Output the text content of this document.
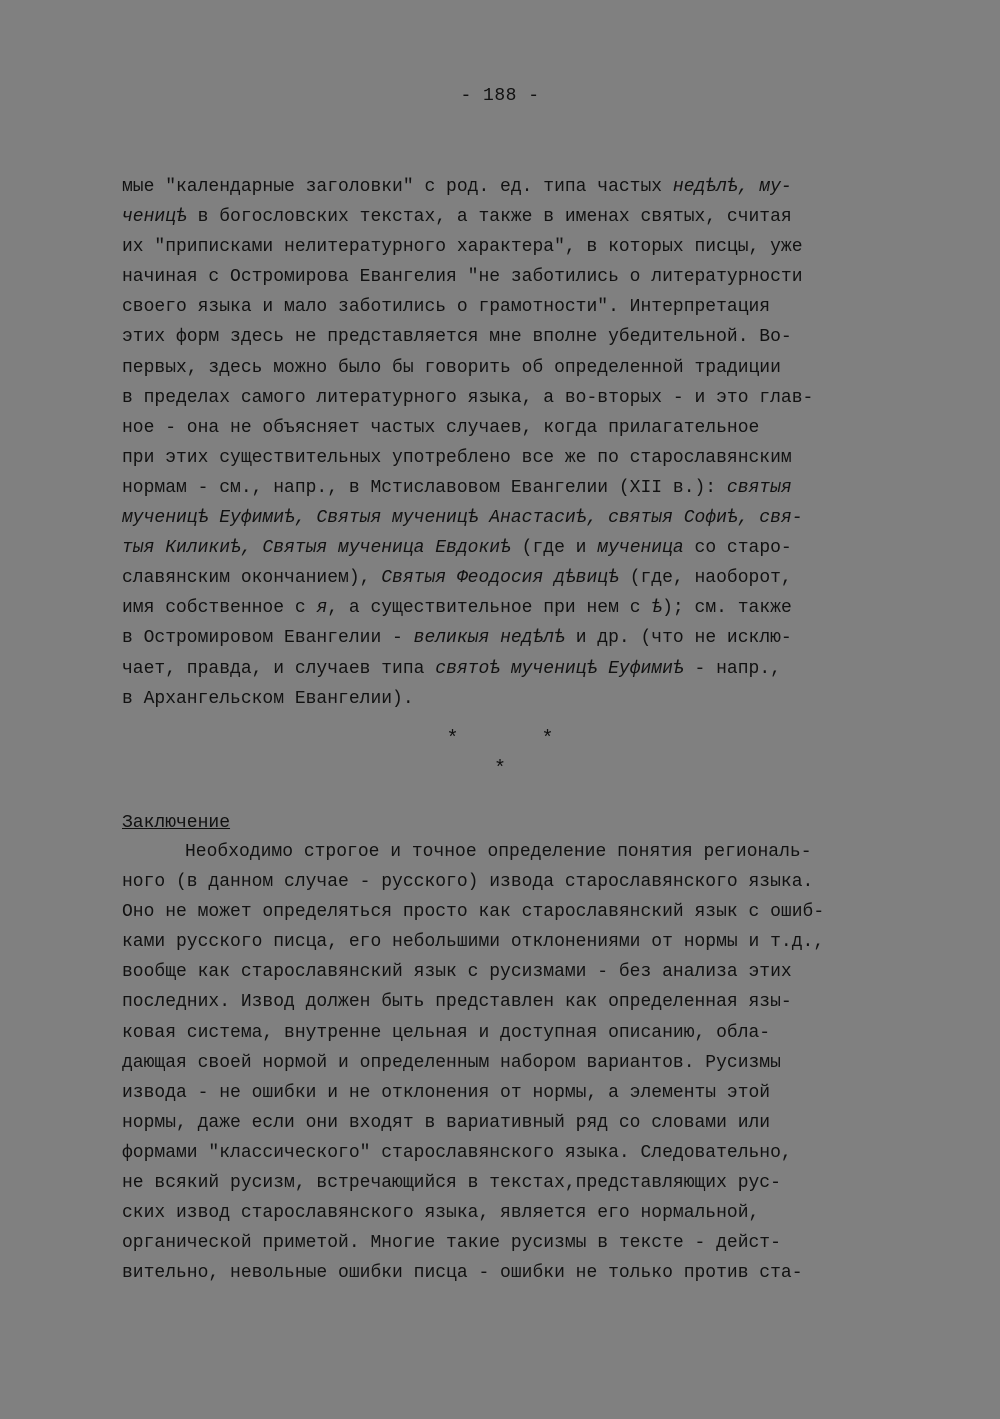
- 188 -
мые "календарные заголовки" с род. ед. типа частых недѣлѣ, му-
ченицѣ в богословских текстах, а также в именах святых, считая
их "приписками нелитературного характера", в которых писцы, уже
начиная с Остромирова Евангелия "не заботились о литературности
своего языка и мало заботились о грамотности". Интерпретация
этих форм здесь не представляется мне вполне убедительной. Во-
первых, здесь можно было бы говорить об определенной традиции
в пределах самого литературного языка, а во-вторых - и это глав-
ное - она не объясняет частых случаев, когда прилагательное
при этих существительных употреблено все же по старославянским
нормам - см., напр., в Мстиславовом Евангелии (XII в.): святыя
мученицѣ Еуфимиѣ, Святыя мученицѣ Анастасиѣ, святыя Софиѣ, свя-
тыя Киликиѣ, Святыя мученица Евдокиѣ (где и мученица со старо-
славянским окончанием), Святыя Феодосия дѣвицѣ (где, наоборот,
имя собственное с я, а существительное при нем с ѣ); см. также
в Остромировом Евангелии - великыя недѣлѣ и др. (что не исклю-
чает, правда, и случаев типа святоѣ мученицѣ Еуфимиѣ - напр.,
в Архангельском Евангелии).
*	*
*
Заключение
Необходимо строгое и точное определение понятия региональ-
ного (в данном случае - русского) извода старославянского языка.
Оно не может определяться просто как старославянский язык с ошиб-
ками русского писца, его небольшими отклонениями от нормы и т.д.,
вообще как старославянский язык с русизмами - без анализа этих
последних. Извод должен быть представлен как определенная язы-
ковая система, внутренне цельная и доступная описанию, обла-
дающая своей нормой и определенным набором вариантов. Русизмы
извода - не ошибки и не отклонения от нормы, а элементы этой
нормы, даже если они входят в вариативный ряд со словами или
формами "классического" старославянского языка. Следовательно,
не всякий русизм, встречающийся в текстах,представляющих рус-
ских извод старославянского языка, является его нормальной,
органической приметой. Многие такие русизмы в тексте - дейст-
вительно, невольные ошибки писца - ошибки не только против ста-
